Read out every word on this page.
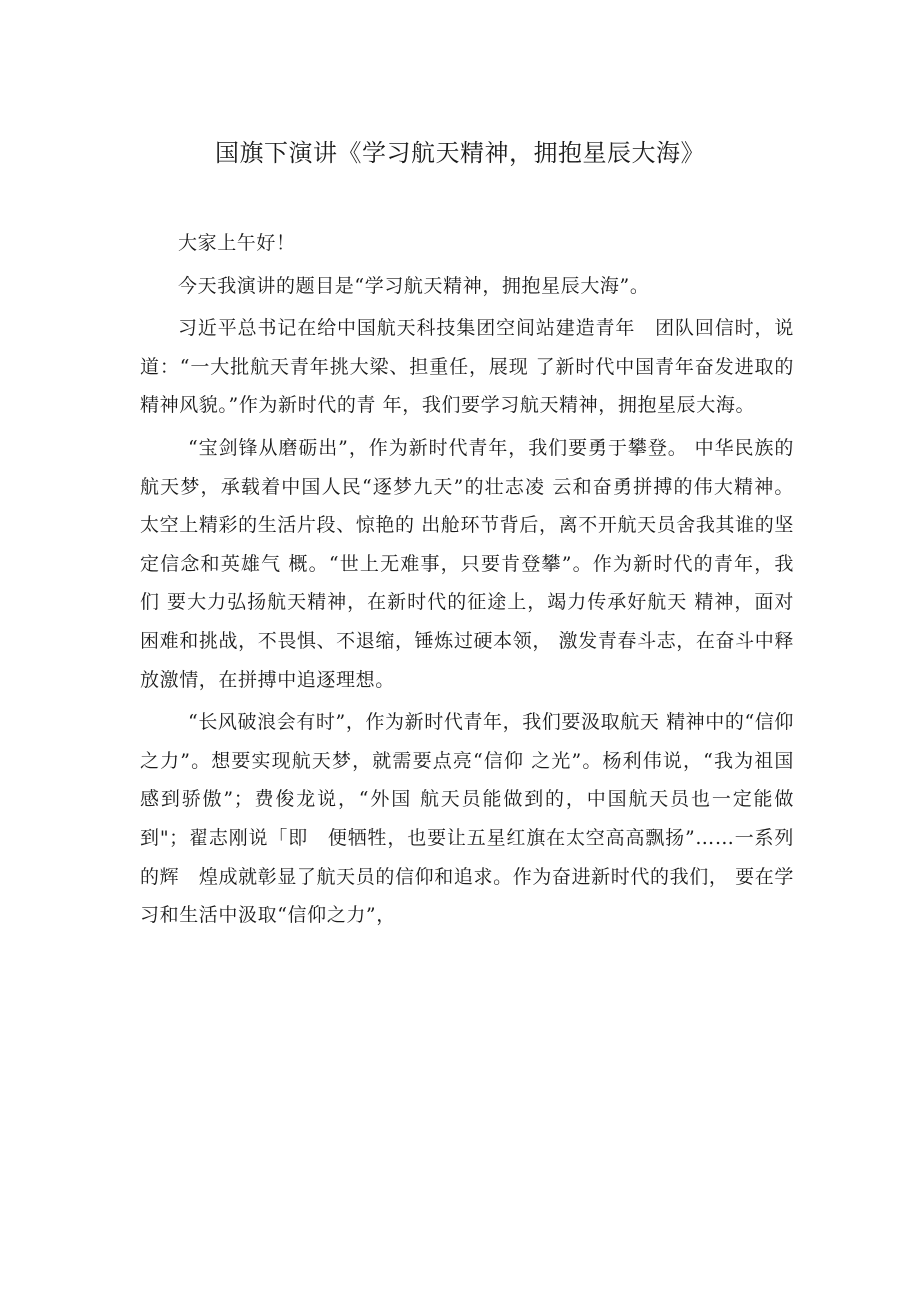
国旗下演讲《学习航天精神，拥抱星辰大海》

大家上午好！

今天我演讲的题目是“学习航天精神，拥抱星辰大海”。

习近平总书记在给中国航天科技集团空间站建造青年　团队回信时，说道：“一大批航天青年挑大梁、担重任，展现 了新时代中国青年奋发进取的精神风貌。”作为新时代的青 年，我们要学习航天精神，拥抱星辰大海。

“宝剑锋从磨砺出”，作为新时代青年，我们要勇于攀登。 中华民族的航天梦，承载着中国人民“逐梦九天”的壮志凌 云和奋勇拼搏的伟大精神。太空上精彩的生活片段、惊艳的 出舱环节背后，离不开航天员舍我其谁的坚定信念和英雄气 概。“世上无难事，只要肯登攀”。作为新时代的青年，我们 要大力弘扬航天精神，在新时代的征途上，竭力传承好航天 精神，面对困难和挑战，不畏惧、不退缩，锤炼过硬本领， 激发青春斗志，在奋斗中释放激情，在拼搏中追逐理想。

“长风破浪会有时”，作为新时代青年，我们要汲取航天 精神中的“信仰之力”。想要实现航天梦，就需要点亮“信仰 之光”。杨利伟说，“我为祖国感到骄傲”；费俊龙说，“外国 航天员能做到的，中国航天员也一定能做到"；翟志刚说「即　便牺牲，也要让五星红旗在太空高高飘扬”……一系列的辉　煌成就彰显了航天员的信仰和追求。作为奋进新时代的我们， 要在学习和生活中汲取“信仰之力”，
